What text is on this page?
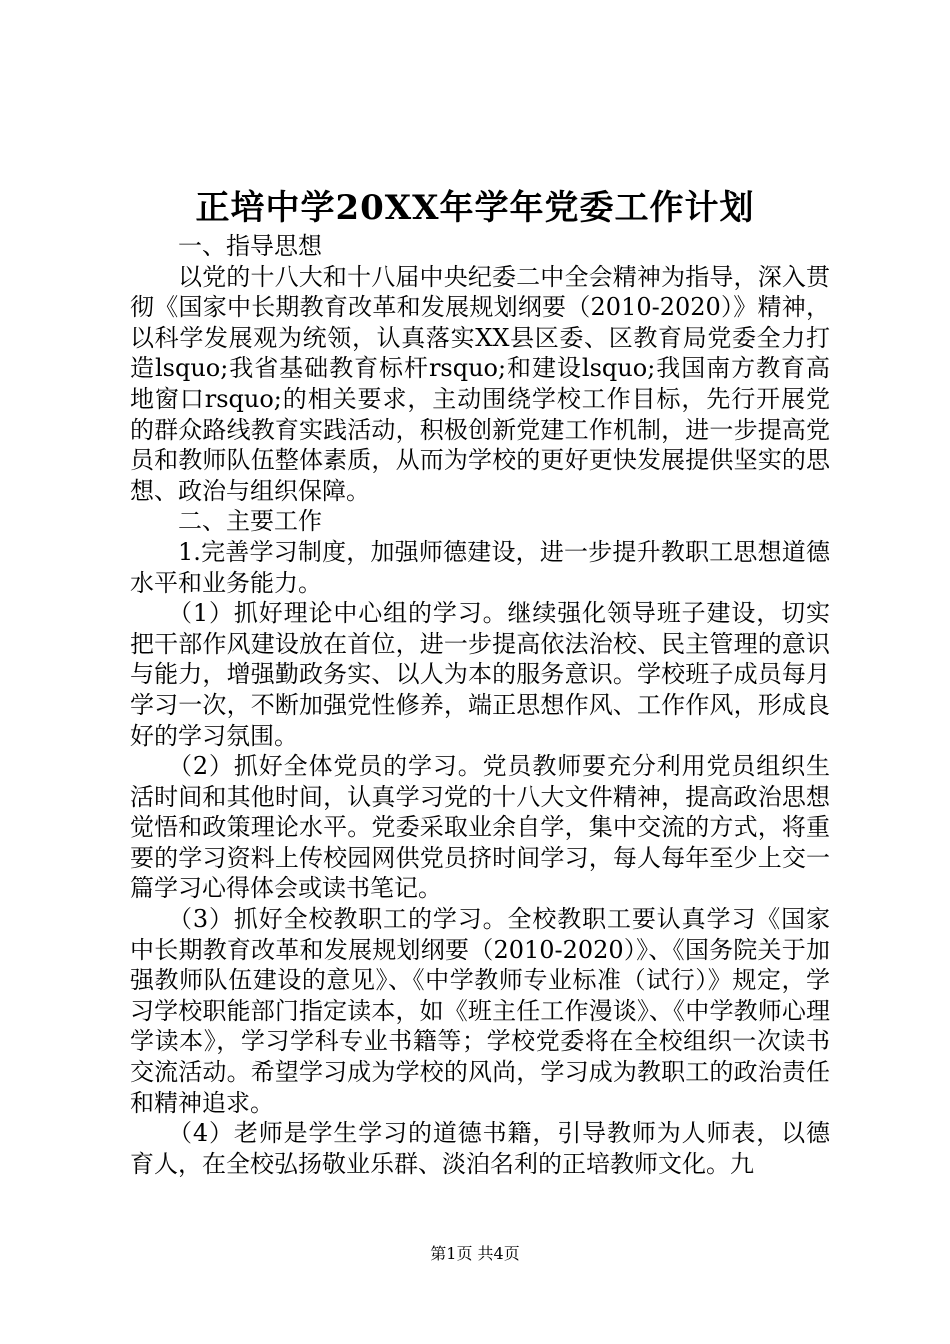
正培中学20XX年学年党委工作计划

一、指导思想

以党的十八大和十八届中央纪委二中全会精神为指导，深入贯彻《国家中长期教育改革和发展规划纲要（2010-2020）》精神，以科学发展观为统领，认真落实XX县区委、区教育局党委全力打造lsquo;我省基础教育标杆rsquo;和建设lsquo;我国南方教育高地窗口rsquo;的相关要求，主动围绕学校工作目标，先行开展党的群众路线教育实践活动，积极创新党建工作机制，进一步提高党员和教师队伍整体素质，从而为学校的更好更快发展提供坚实的思想、政治与组织保障。

二、主要工作

1.完善学习制度，加强师德建设，进一步提升教职工思想道德水平和业务能力。

（1）抓好理论中心组的学习。继续强化领导班子建设，切实把干部作风建设放在首位，进一步提高依法治校、民主管理的意识与能力，增强勤政务实、以人为本的服务意识。学校班子成员每月学习一次，不断加强党性修养，端正思想作风、工作作风，形成良好的学习氛围。

（2）抓好全体党员的学习。党员教师要充分利用党员组织生活时间和其他时间，认真学习党的十八大文件精神，提高政治思想觉悟和政策理论水平。党委采取业余自学，集中交流的方式，将重要的学习资料上传校园网供党员挤时间学习，每人每年至少上交一篇学习心得体会或读书笔记。

（3）抓好全校教职工的学习。全校教职工要认真学习《国家中长期教育改革和发展规划纲要（2010-2020）》、《国务院关于加强教师队伍建设的意见》、《中学教师专业标准（试行）》规定，学习学校职能部门指定读本，如《班主任工作漫谈》、《中学教师心理学读本》，学习学科专业书籍等；学校党委将在全校组织一次读书交流活动。希望学习成为学校的风尚，学习成为教职工的政治责任和精神追求。

（4）老师是学生学习的道德书籍，引导教师为人师表，以德育人，在全校弘扬敬业乐群、淡泊名利的正培教师文化。九

第1页 共4页
